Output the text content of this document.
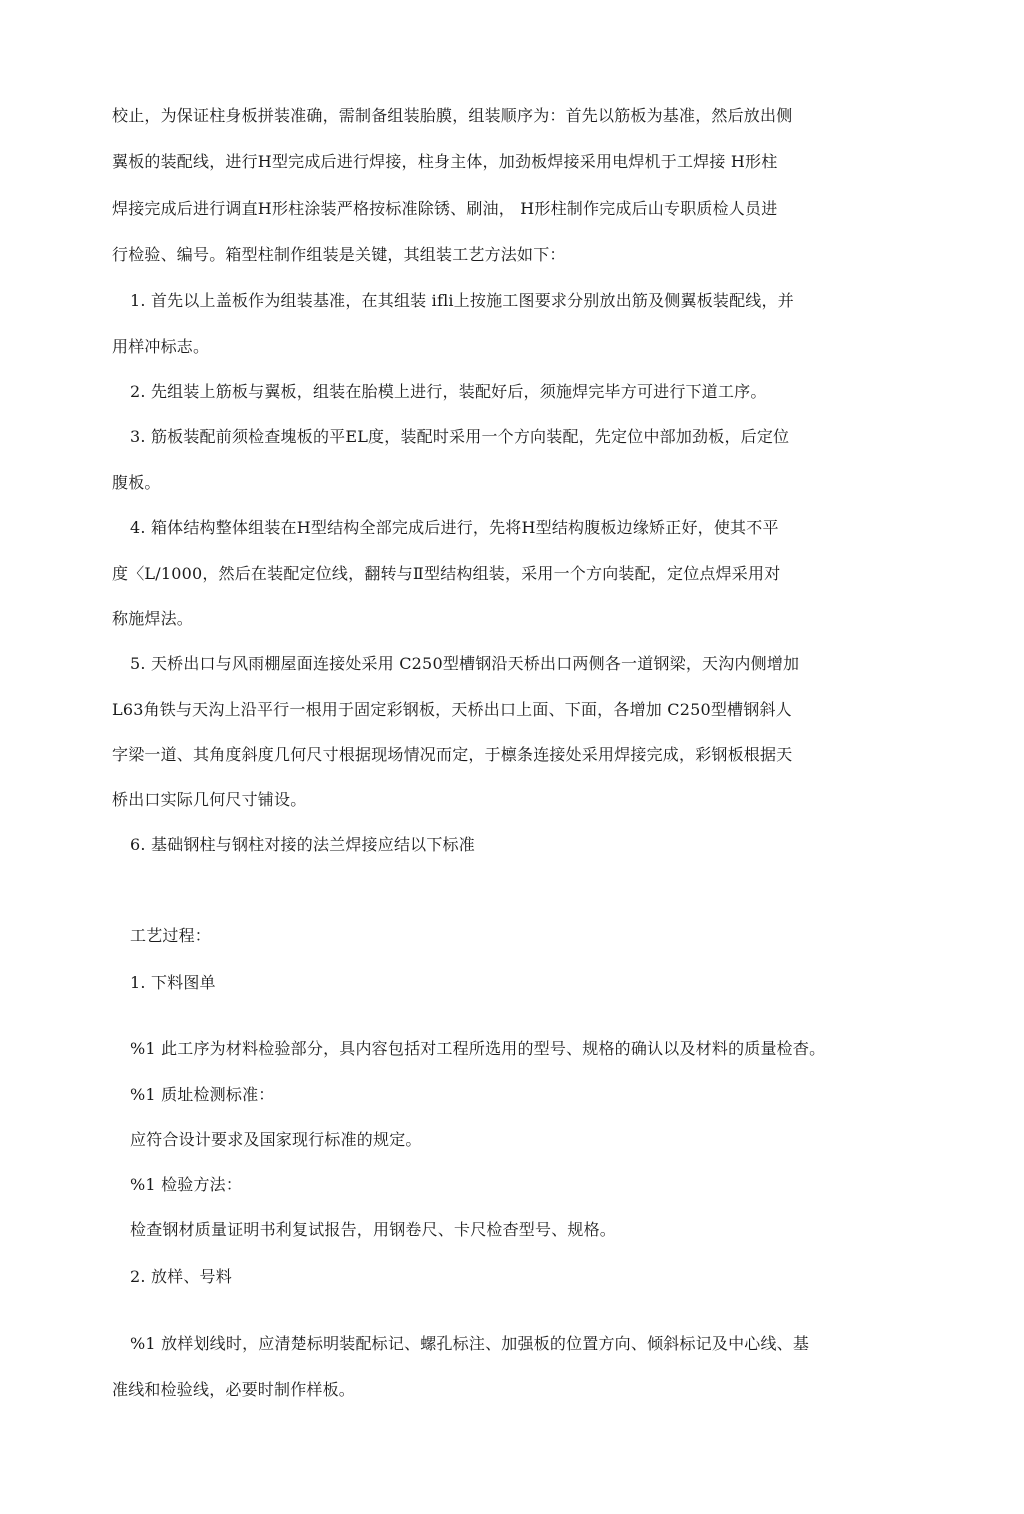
校止，为保证柱身板拼装准确，需制备组装胎膜，组装顺序为：首先以筋板为基准，然后放出侧
翼板的装配线，进行H型完成后进行焊接，柱身主体，加劲板焊接采用电焊机于工焊接 H形柱
焊接完成后进行调直H形柱涂装严格按标准除锈、刷油， H形柱制作完成后山专职质检人员进
行检验、编号。箱型柱制作组装是关键，其组装工艺方法如下：
1. 首先以上盖板作为组装基准，在其组装 ifli上按施工图要求分别放出筋及侧翼板装配线，并
用样冲标志。
2. 先组装上筋板与翼板，组装在胎模上进行，装配好后，须施焊完毕方可进行下道工序。
3. 筋板装配前须检查塊板的平EL度，装配时采用一个方向装配，先定位中部加劲板，后定位
腹板。
4. 箱体结构整体组装在H型结构全部完成后进行，先将H型结构腹板边缘矫正好，使其不平
度〈L/1000，然后在装配定位线，翻转与Ⅱ型结构组装，采用一个方向装配，定位点焊采用对
称施焊法。
5. 天桥出口与风雨棚屋面连接处采用 C250型槽钢沿天桥出口两侧各一道钢梁，天沟内侧增加
L63角铁与天沟上沿平行一根用于固定彩钢板，天桥出口上面、下面，各增加 C250型槽钢斜人
字梁一道、其角度斜度几何尺寸根据现场情况而定，于檩条连接处采用焊接完成，彩钢板根据天
桥出口实际几何尺寸铺设。
6. 基础钢柱与钢柱对接的法兰焊接应结以下标准
工艺过程：
1. 下料图单
%1 此工序为材料检验部分，具内容包括对工程所选用的型号、规格的确认以及材料的质量检杳。
%1 质址检测标准：
应符合设计要求及国家现行标准的规定。
%1 检验方法：
检查钢材质量证明书利复试报告，用钢卷尺、卡尺检杳型号、规格。
2. 放样、号料
%1 放样划线时，应清楚标明装配标记、螺孔标注、加强板的位置方向、倾斜标记及中心线、基
准线和检验线，必要时制作样板。
